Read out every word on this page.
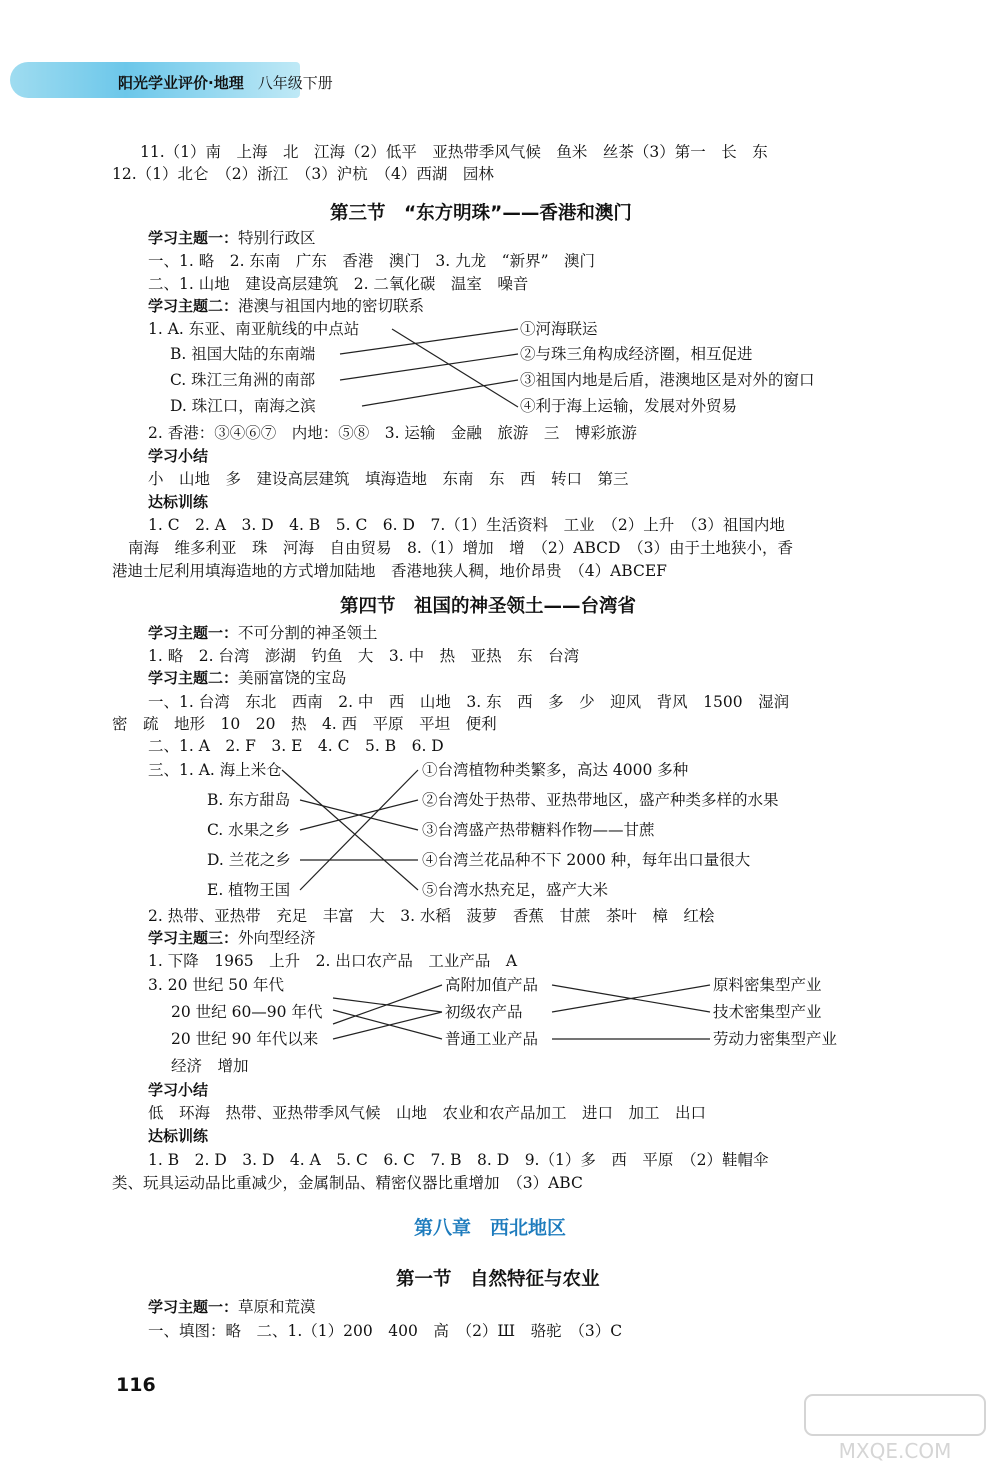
阳光学业评价·地理 八年级下册
11.（1）南　上海　北　江海（2）低平　亚热带季风气候　鱼米　丝茶（3）第一　长　东
12.（1）北仑　（2）浙江　（3）沪杭　（4）西湖　园林
第三节　“东方明珠”——香港和澳门
学习主题一：特别行政区
一、1. 略　2. 东南　广东　香港　澳门　3. 九龙　“新界”　澳门
二、1. 山地　建设高层建筑　2. 二氧化碳　温室　噪音
学习主题二：港澳与祖国内地的密切联系
1. A. 东亚、南亚航线的中点站
B. 祖国大陆的东南端
C. 珠江三角洲的南部
D. 珠江口，南海之滨
①河海联运
②与珠三角构成经济圈，相互促进
③祖国内地是后盾，港澳地区是对外的窗口
④利于海上运输，发展对外贸易
2. 香港：③④⑥⑦　内地：⑤⑧　3. 运输　金融　旅游　三　博彩旅游
学习小结
小　山地　多　建设高层建筑　填海造地　东南　东　西　转口　第三
达标训练
1. C　2. A　3. D　4. B　5. C　6. D　7.（1）生活资料　工业　（2）上升　（3）祖国内地
南海　维多利亚　珠　河海　自由贸易　8.（1）增加　增　（2）ABCD　（3）由于土地狭小，香
港迪士尼利用填海造地的方式增加陆地　香港地狭人稠，地价昂贵　（4）ABCEF
第四节　祖国的神圣领土——台湾省
学习主题一：不可分割的神圣领土
1. 略　2. 台湾　澎湖　钓鱼　大　3. 中　热　亚热　东　台湾
学习主题二：美丽富饶的宝岛
一、1. 台湾　东北　西南　2. 中　西　山地　3. 东　西　多　少　迎风　背风　1500　湿润
密　疏　地形　10　20　热　4. 西　平原　平坦　便利
二、1. A　2. F　3. E　4. C　5. B　6. D
三、1. A. 海上米仓
B. 东方甜岛
C. 水果之乡
D. 兰花之乡
E. 植物王国
①台湾植物种类繁多，高达 4000 多种
②台湾处于热带、亚热带地区，盛产种类多样的水果
③台湾盛产热带糖料作物——甘蔗
④台湾兰花品种不下 2000 种，每年出口量很大
⑤台湾水热充足，盛产大米
2. 热带、亚热带　充足　丰富　大　3. 水稻　菠萝　香蕉　甘蔗　茶叶　樟　红桧
学习主题三：外向型经济
1. 下降　1965　上升　2. 出口农产品　工业产品　A
3. 20 世纪 50 年代
20 世纪 60—90 年代
20 世纪 90 年代以来
高附加值产品
初级农产品
普通工业产品
原料密集型产业
技术密集型产业
劳动力密集型产业
经济　增加
学习小结
低　环海　热带、亚热带季风气候　山地　农业和农产品加工　进口　加工　出口
达标训练
1. B　2. D　3. D　4. A　5. C　6. C　7. B　8. D　9.（1）多　西　平原　（2）鞋帽伞
类、玩具运动品比重减少，金属制品、精密仪器比重增加　（3）ABC
第八章　西北地区
第一节　自然特征与农业
学习主题一：草原和荒漠
一、填图：略　二、1.（1）200　400　高　（2）Ш　骆驼　（3）C
116
MXQE.COM
